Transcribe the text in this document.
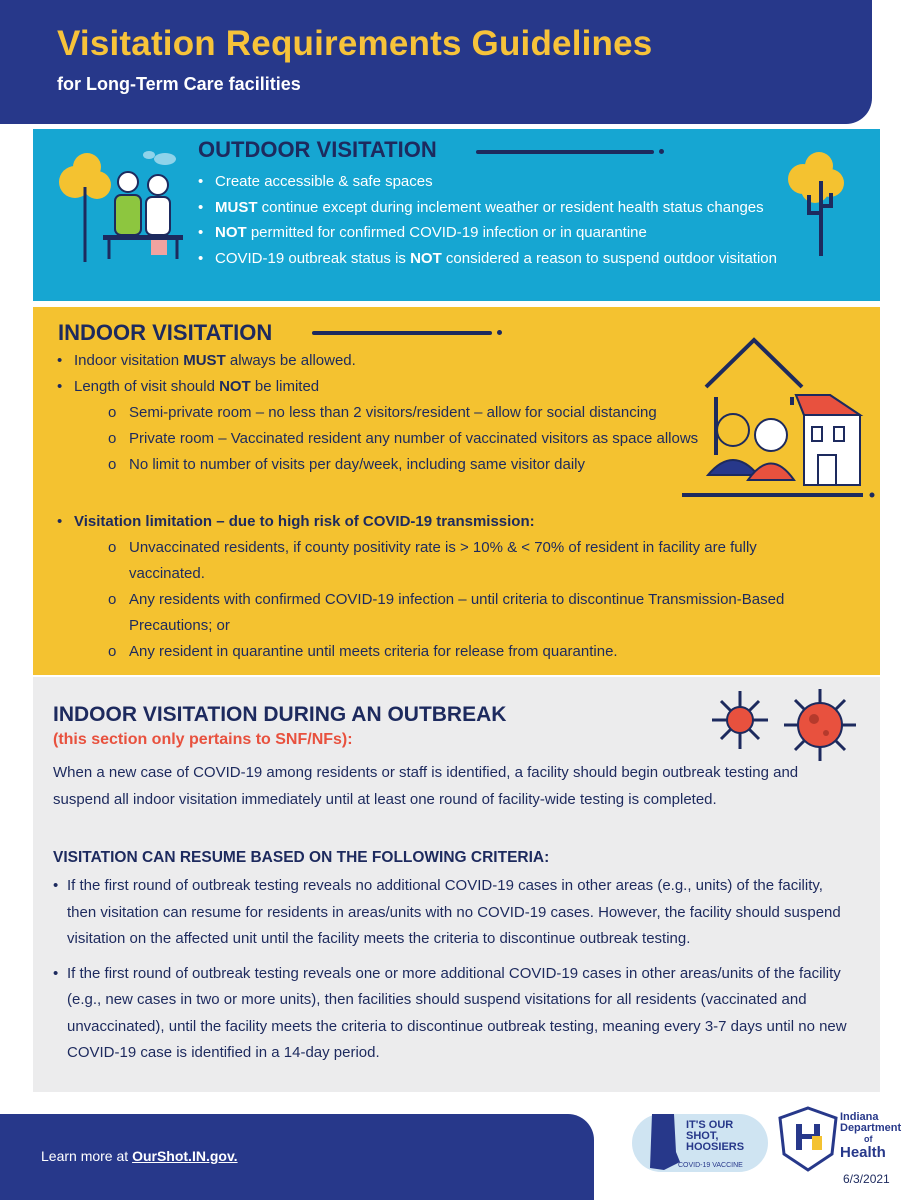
Visitation Requirements Guidelines
for Long-Term Care facilities
OUTDOOR VISITATION
• Create accessible & safe spaces
• MUST continue except during inclement weather or resident health status changes
• NOT permitted for confirmed COVID-19 infection or in quarantine
• COVID-19 outbreak status is NOT considered a reason to suspend outdoor visitation
INDOOR VISITATION
• Indoor visitation MUST always be allowed.
• Length of visit should NOT be limited
o Semi-private room – no less than 2 visitors/resident – allow for social distancing
o Private room – Vaccinated resident any number of vaccinated visitors as space allows
o No limit to number of visits per day/week, including same visitor daily
• Visitation limitation – due to high risk of COVID-19 transmission:
o Unvaccinated residents, if county positivity rate is > 10% & < 70% of resident in facility are fully vaccinated.
o Any residents with confirmed COVID-19 infection – until criteria to discontinue Transmission-Based Precautions; or
o Any resident in quarantine until meets criteria for release from quarantine.
INDOOR VISITATION DURING AN OUTBREAK
(this section only pertains to SNF/NFs):
When a new case of COVID-19 among residents or staff is identified, a facility should begin outbreak testing and suspend all indoor visitation immediately until at least one round of facility-wide testing is completed.
VISITATION CAN RESUME BASED ON THE FOLLOWING CRITERIA:
• If the first round of outbreak testing reveals no additional COVID-19 cases in other areas (e.g., units) of the facility, then visitation can resume for residents in areas/units with no COVID-19 cases. However, the facility should suspend visitation on the affected unit until the facility meets the criteria to discontinue outbreak testing.
• If the first round of outbreak testing reveals one or more additional COVID-19 cases in other areas/units of the facility (e.g., new cases in two or more units), then facilities should suspend visitations for all residents (vaccinated and unvaccinated), until the facility meets the criteria to discontinue outbreak testing, meaning every 3-7 days until no new COVID-19 case is identified in a 14-day period.
Learn more at OurShot.IN.gov.
IT'S OUR
SHOT,
HOOSIERS
COVID-19 VACCINE
Indiana
Department
of
Health
6/3/2021
